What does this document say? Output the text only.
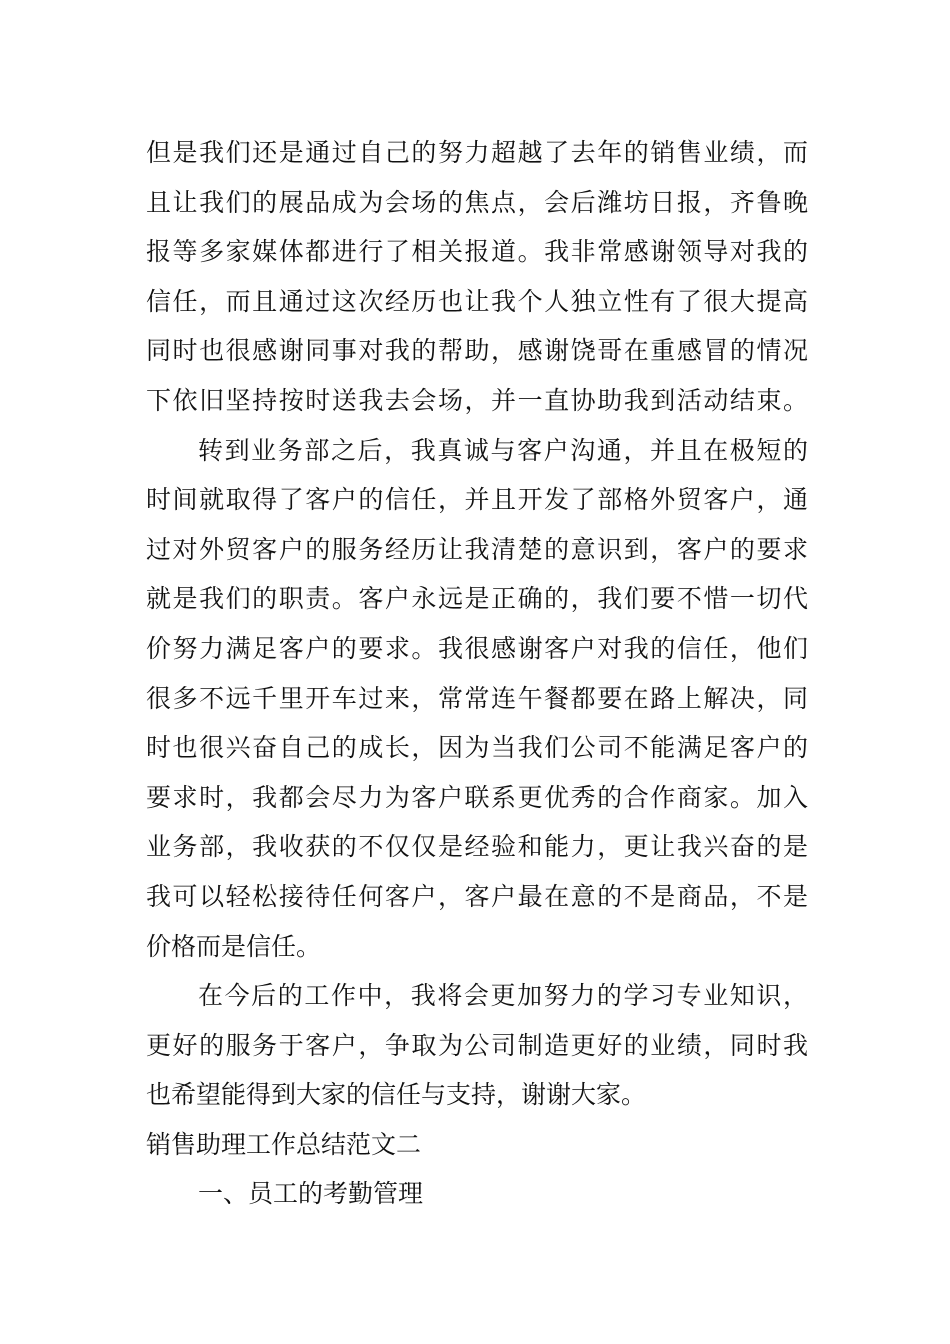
但是我们还是通过自己的努力超越了去年的销售业绩，而
且让我们的展品成为会场的焦点，会后潍坊日报，齐鲁晚
报等多家媒体都进行了相关报道。我非常感谢领导对我的
信任，而且通过这次经历也让我个人独立性有了很大提高
同时也很感谢同事对我的帮助，感谢饶哥在重感冒的情况
下依旧坚持按时送我去会场，并一直协助我到活动结束。
转到业务部之后，我真诚与客户沟通，并且在极短的
时间就取得了客户的信任，并且开发了部格外贸客户，通
过对外贸客户的服务经历让我清楚的意识到，客户的要求
就是我们的职责。客户永远是正确的，我们要不惜一切代
价努力满足客户的要求。我很感谢客户对我的信任，他们
很多不远千里开车过来，常常连午餐都要在路上解决，同
时也很兴奋自己的成长，因为当我们公司不能满足客户的
要求时，我都会尽力为客户联系更优秀的合作商家。加入
业务部，我收获的不仅仅是经验和能力，更让我兴奋的是
我可以轻松接待任何客户，客户最在意的不是商品，不是
价格而是信任。
在今后的工作中，我将会更加努力的学习专业知识，
更好的服务于客户，争取为公司制造更好的业绩，同时我
也希望能得到大家的信任与支持，谢谢大家。
销售助理工作总结范文二
一、员工的考勤管理
